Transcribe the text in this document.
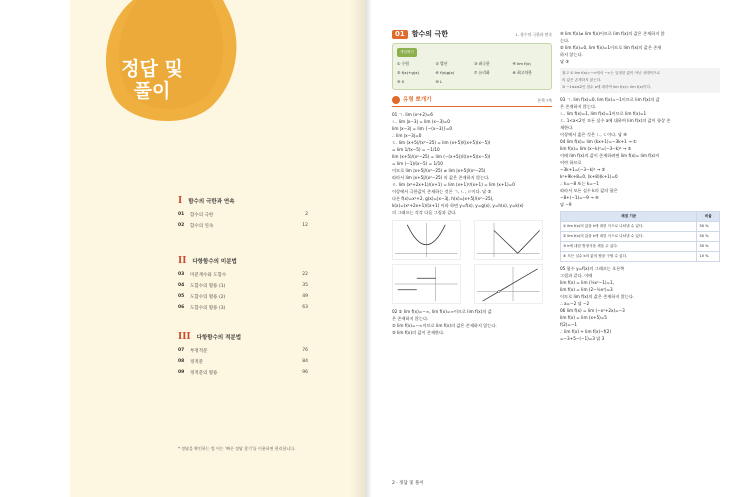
정답 및
풀이
I 함수의 극한과 연속
01	함수의 극한	2
02	함수의 연속	12
II 다항함수의 미분법
03	미분계수와 도함수	22
04	도함수의 활용 (1)	35
05	도함수의 활용 (2)	49
06	도함수의 활용 (3)	63
III 다항함수의 적분법
07	부정적분	76
08	정적분	84
09	정적분의 활용	96
* 정답을 확인하는 법 어는 '빠른 정답 찾기'를 이용하면 편리합니다.
01	함수의 극한	1. 함수의 극한과 연속
개념확인
① 수렴	② 발산	③ 좌극한	④ lim f(x)
⑤ f(x)+g(x)	⑥ f(x)g(x)	⑦ 유리화	⑧ 최고차항
⑨ 0	⑩ L
유형 뽀개기	본책 7쪽
01 ㄱ. lim (x²+2)=6
ㄴ. lim |x−3| = lim (x−3)=0
lim |x−3| = lim {−(x−3)}=0
∴ lim |x−3|=0
ㄷ. lim (x+5)/(x²−25) = lim (x+5)/((x+5)(x−5))
= lim 1/(x−5) = −1/10
lim (x+5)/(x²−25) = lim (−(x+5))/((x+5)(x−5))
= lim (−1)/(x−5) = 1/10
이므로 lim |x+5|/(x²−25) ≠ lim |x+5|/(x²−25)
따라서 lim |x+5|/(x²−25) 의 값은 존재하지 않는다.
ㄹ. lim (x²+2x+1)/(x+1) = lim (x+1)²/(x+1) = lim (x+1)=0
이상에서 극한값이 존재하는 것은 ㄱ, ㄴ, ㄹ이다. 답 ③
다른 f(x)=x²+2, g(x)=|x−3|, h(x)=|x+5|/(x²−25),
k(x)=(x²+2x+1)/(x+1) 이라 하면 y=f(x), y=g(x), y=h(x), y=k(x)
의 그래프는 각각 다음 그림과 같다.
02 ① lim f(x)=−∞, lim f(x)=∞이므로 lim f(x)의 값
은 존재하지 않는다.
② lim f(x)=−∞이므로 lim f(x)의 값은 존재하지 않는다.
③ lim f(x)의 값이 존재한다.
④ lim f(x)≠ lim f(x)이므로 lim f(x)의 값은 존재하지 않
는다.
⑤ lim f(x)=0, lim f(x)=1이므로 lim f(x)의 값은 존재
하지 않는다.
답 ③
참고 ① lim f(x)=−∞에서 −∞는 일정한 값이 아닌 상태이므로
의 값은 존재하지 않는다.
③ −1≤x≤2인 함수 a에 대하여 lim f(x)= lim f(x)이다.
03 ㄱ. lim f(x)=0, lim f(x)=−1이므로 lim f(x)의 값
은 존재하지 않는다.
ㄴ. lim f(x)=1, lim f(x)=1이므로 lim f(x)=1
ㄷ. 1<a<2인 모든 실수 a에 대하여 lim f(x)의 값이 항상 존
재한다.
이상에서 옳은 것은 ㄴ, ㄷ이다. 답 ④
04 lim f(x)= lim (kx+1)=−3k+1 → ①
lim f(x)= lim (x−k)²=(−3−k)² → ②
이때 lim f(x)의 값이 존재하려면 lim f(x)= lim f(x)이
어야 하므로
−3k+1=(−3−k)² → ③
k²+9k+8=0, (k+8)(k+1)=0
∴ k=−8 또는 k=−1
따라서 모든 실수 k의 값의 합은
−8+(−1)=−9 → ④
답 −9
채점 기준	비율
① lim f(x)의 값을 k에 대한 식으로 나타낼 수 있다.	30 %
② lim f(x)의 값을 k에 대한 식으로 나타낼 수 있다.	30 %
③ k에 대한 방정식을 세울 수 있다.	30 %
④ 모든 실수 k의 값의 합을 구할 수 있다.	10 %
05 함수 y=f(x)의 그래프는 오른쪽
그림과 같다. 이때
lim f(x) = lim (½x²−1)=1,
lim f(x) = lim (2−½x²)=3
이므로 lim f(x)의 값은 존재하지 않는다.
∴ a=−2 답 −2
06 lim f(x) = lim (−x²+2x)=−3
lim f(x) = lim (x+5)=5
f(2)=−1
∴ lim f(x) + lim f(x)−f(2)
=−3+5−(−1)=3 답 3
2 · 정답 및 풀이
